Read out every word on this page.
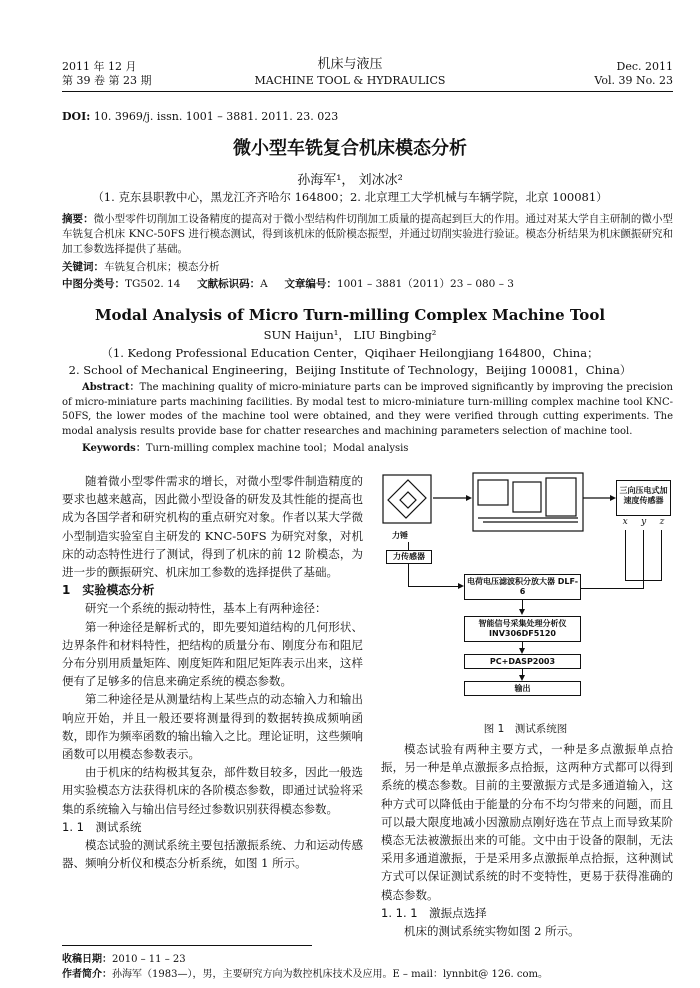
2011 年 12 月
第 39 卷 第 23 期
机床与液压
MACHINE TOOL & HYDRAULICS
Dec. 2011
Vol. 39 No. 23
DOI: 10. 3969/j. issn. 1001 – 3881. 2011. 23. 023
微小型车铣复合机床模态分析
孙海军¹， 刘冰冰²
（1. 克东县职教中心，黑龙江齐齐哈尔 164800；2. 北京理工大学机械与车辆学院，北京 100081）
摘要：微小型零件切削加工设备精度的提高对于微小型结构件切削加工质量的提高起到巨大的作用。通过对某大学自主研制的微小型车铣复合机床 KNC-50FS 进行模态测试，得到该机床的低阶模态振型，并通过切削实验进行验证。模态分析结果为机床颤振研究和加工参数选择提供了基础。
关键词：车铣复合机床；模态分析
中图分类号：TG502. 14 文献标识码：A 文章编号：1001 – 3881（2011）23 – 080 – 3
Modal Analysis of Micro Turn-milling Complex Machine Tool
SUN Haijun¹， LIU Bingbing²
（1. Kedong Professional Education Center，Qiqihaer Heilongjiang 164800，China；
2. School of Mechanical Engineering，Beijing Institute of Technology，Beijing 100081，China）
Abstract：The machining quality of micro-miniature parts can be improved significantly by improving the precision of micro-miniature parts machining facilities. By modal test to micro-miniature turn-milling complex machine tool KNC-50FS, the lower modes of the machine tool were obtained, and they were verified through cutting experiments. The modal analysis results provide base for chatter researches and machining parameters selection of machine tool.
Keywords：Turn-milling complex machine tool；Modal analysis

随着微小型零件需求的增长，对微小型零件制造精度的要求也越来越高，因此微小型设备的研发及其性能的提高也成为各国学者和研究机构的重点研究对象。作者以某大学微小型制造实验室自主研发的 KNC-50FS 为研究对象，对机床的动态特性进行了测试，得到了机床的前 12 阶模态，为进一步的颤振研究、机床加工参数的选择提供了基础。

1　实验模态分析

研究一个系统的振动特性，基本上有两种途径：

第一种途径是解析式的，即先要知道结构的几何形状、边界条件和材料特性，把结构的质量分布、刚度分布和阻尼分布分别用质量矩阵、刚度矩阵和阻尼矩阵表示出来，这样便有了足够多的信息来确定系统的模态参数。

第二种途径是从测量结构上某些点的动态输入力和输出响应开始，并且一般还要将测量得到的数据转换成频响函数，即作为频率函数的输出输入之比。理论证明，这些频响函数可以用模态参数表示。

由于机床的结构极其复杂，部件数目较多，因此一般选用实验模态方法获得机床的各阶模态参数，即通过试验将采集的系统输入与输出信号经过参数识别获得模态参数。

1. 1　测试系统

模态试验的测试系统主要包括激振系统、力和运动传感器、频响分析仪和模态分析系统，如图 1 所示。

三向压电式加速度传感器
x y z
力锤
力传感器
电荷电压滤波积分放大器 DLF-6
智能信号采集处理分析仪 INV306DF5120
PC+DASP2003
输出
图 1　测试系统图

模态试验有两种主要方式，一种是多点激振单点拾振，另一种是单点激振多点拾振，这两种方式都可以得到系统的模态参数。目前的主要激振方式是多通道输入，这种方式可以降低由于能量的分布不均匀带来的问题，而且可以最大限度地减小因激励点刚好选在节点上而导致某阶模态无法被激振出来的可能。文中由于设备的限制，无法采用多通道激振，于是采用多点激振单点拾振，这种测试方式可以保证测试系统的时不变特性，更易于获得准确的模态参数。

1. 1. 1　激振点选择

机床的测试系统实物如图 2 所示。

收稿日期：2010 – 11 – 23
作者简介：孙海军（1983—），男，主要研究方向为数控机床技术及应用。E – mail：lynnbit@ 126. com。
